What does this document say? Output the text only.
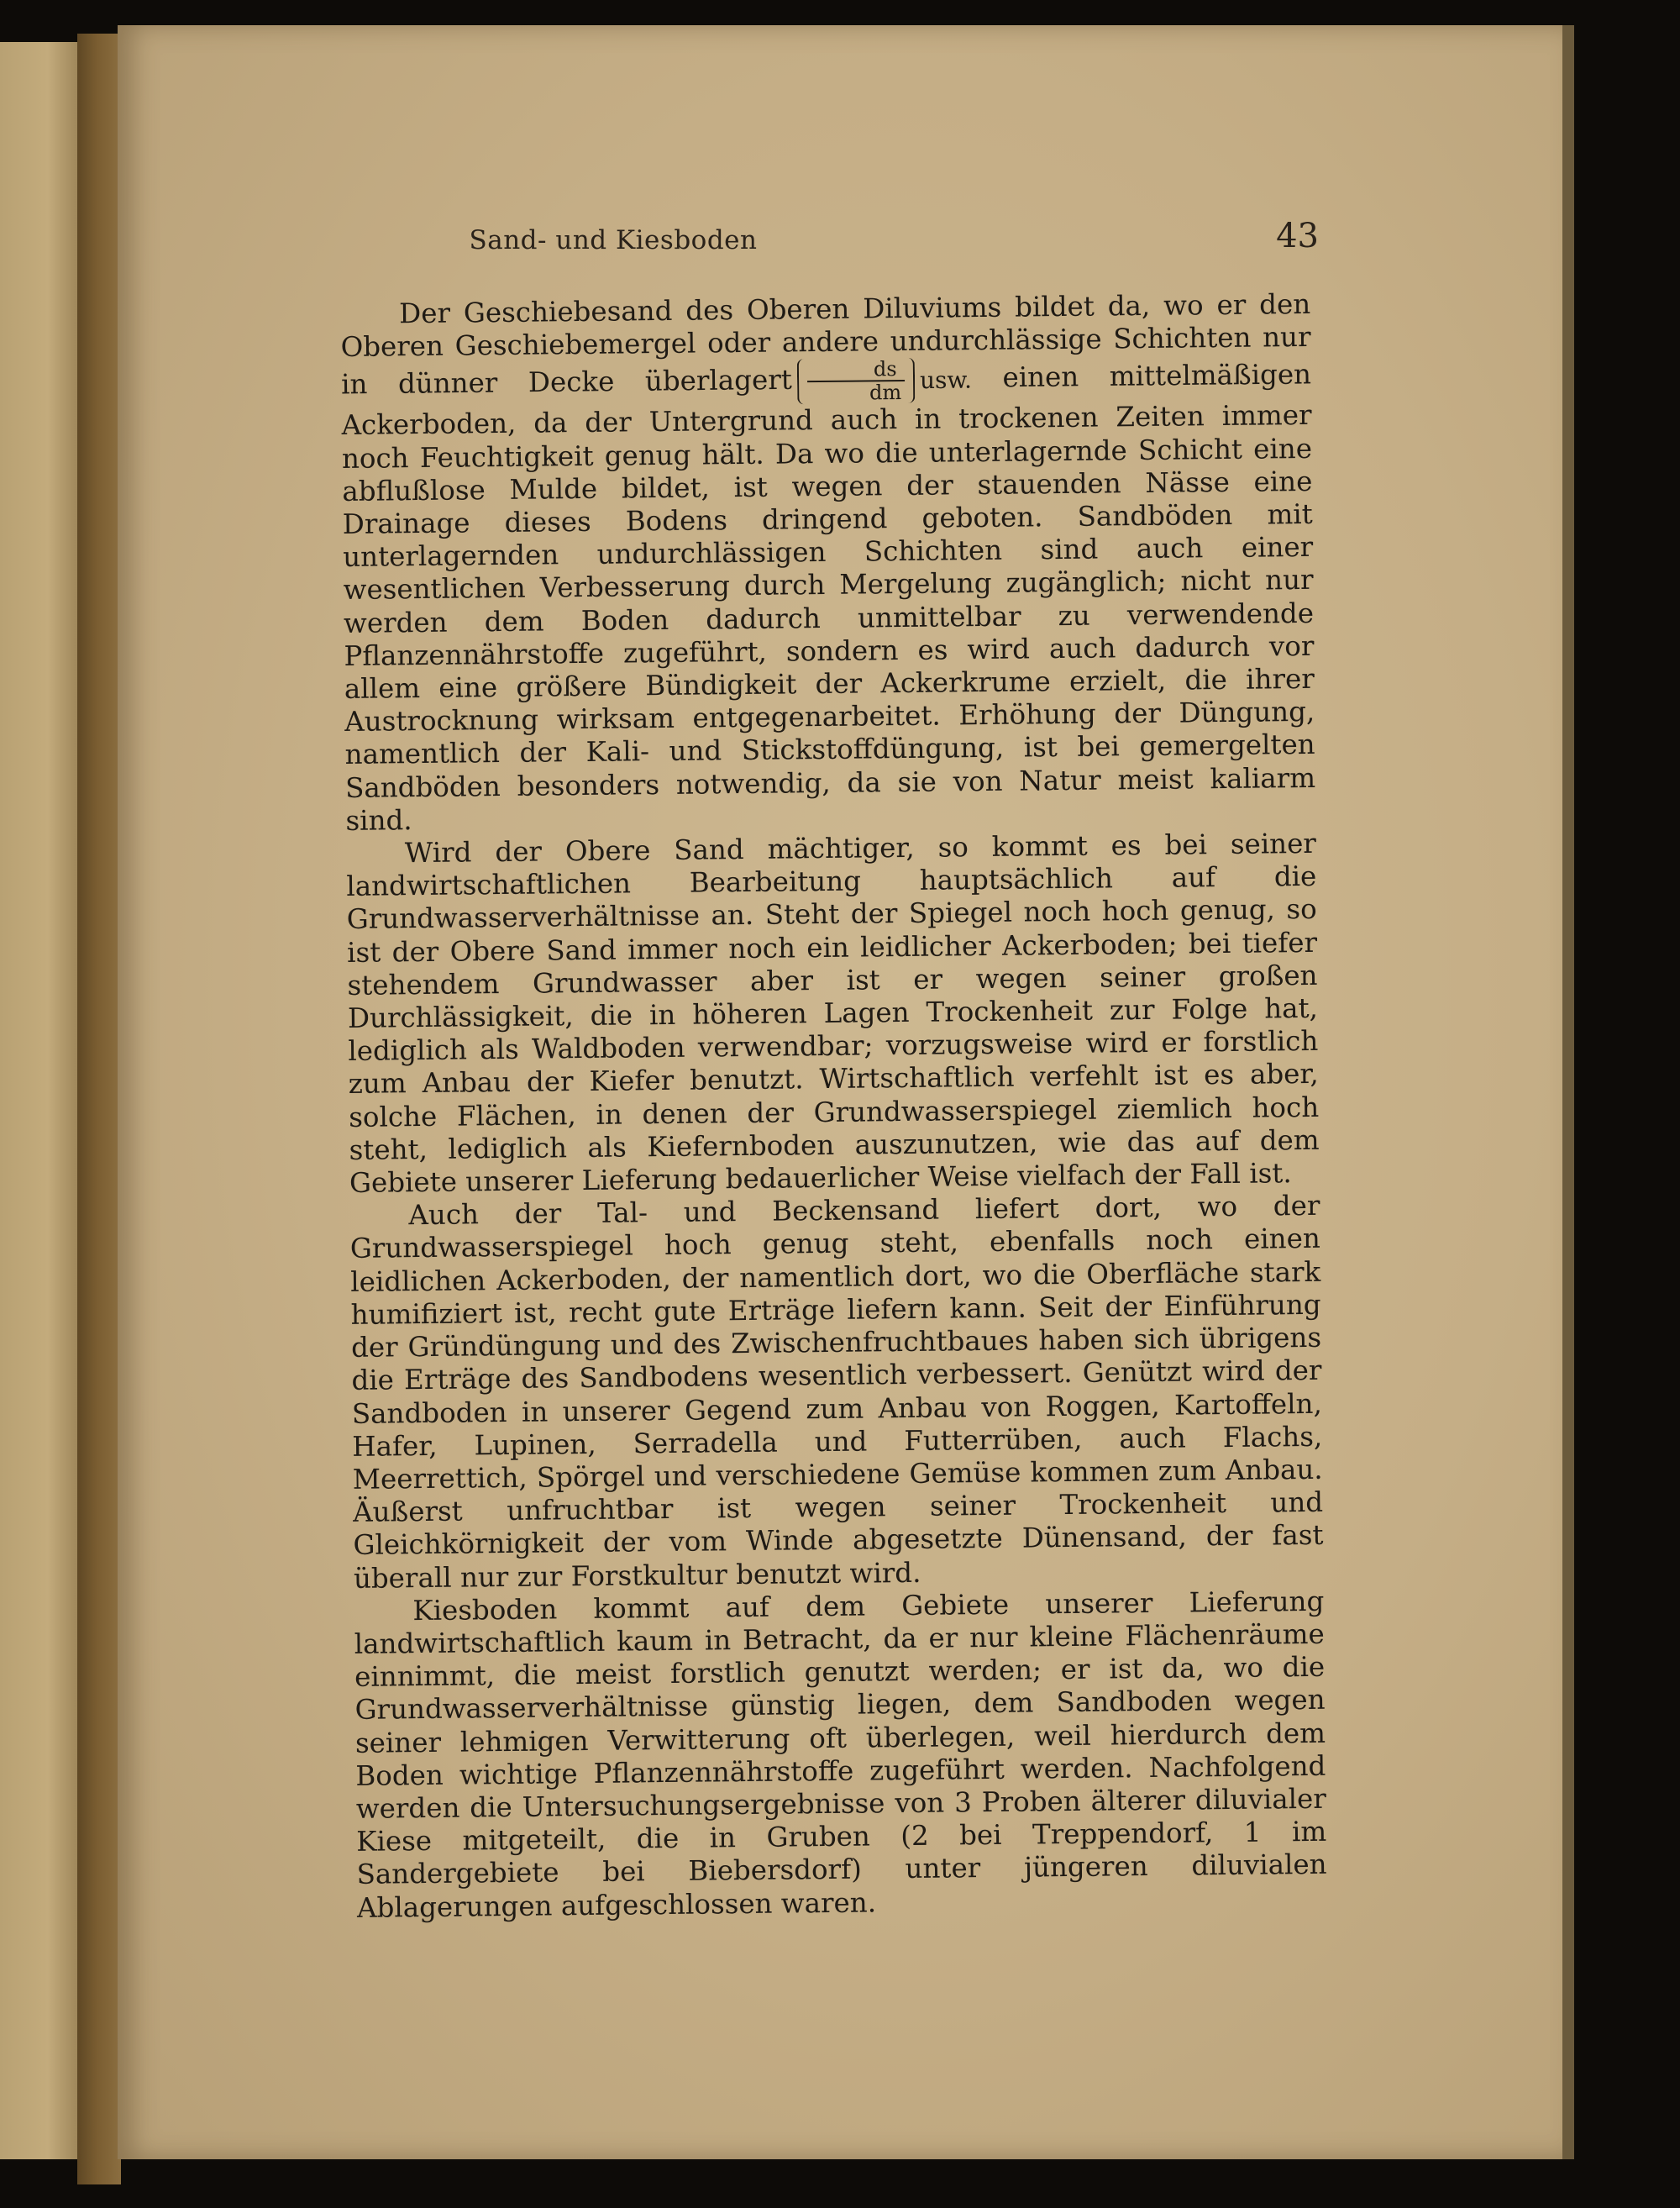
Sand- und Kiesboden	43

Der Geschiebesand des Oberen Diluviums bildet da, wo er den Oberen Geschiebemergel oder andere undurchlässige Schichten nur in dünner Decke überlagert $\frac{ds}{dm}$ usw. einen mittelmäßigen Ackerboden, da der Untergrund auch in trockenen Zeiten immer noch Feuchtigkeit genug hält. Da wo die unterlagernde Schicht eine abflußlose Mulde bildet, ist wegen der stauenden Nässe eine Drainage dieses Bodens dringend geboten. Sandböden mit unterlagernden undurchlässigen Schichten sind auch einer wesentlichen Verbesserung durch Mergelung zugänglich; nicht nur werden dem Boden dadurch unmittelbar zu verwendende Pflanzennährstoffe zugeführt, sondern es wird auch dadurch vor allem eine größere Bündigkeit der Ackerkrume erzielt, die ihrer Austrocknung wirksam entgegenarbeitet. Erhöhung der Düngung, namentlich der Kali- und Stickstoffdüngung, ist bei gemergelten Sandböden besonders notwendig, da sie von Natur meist kaliarm sind.

Wird der Obere Sand mächtiger, so kommt es bei seiner landwirtschaftlichen Bearbeitung hauptsächlich auf die Grundwasserverhältnisse an. Steht der Spiegel noch hoch genug, so ist der Obere Sand immer noch ein leidlicher Ackerboden; bei tiefer stehendem Grundwasser aber ist er wegen seiner großen Durchlässigkeit, die in höheren Lagen Trockenheit zur Folge hat, lediglich als Waldboden verwendbar; vorzugsweise wird er forstlich zum Anbau der Kiefer benutzt. Wirtschaftlich verfehlt ist es aber, solche Flächen, in denen der Grundwasserspiegel ziemlich hoch steht, lediglich als Kiefernboden auszunutzen, wie das auf dem Gebiete unserer Lieferung bedauerlicher Weise vielfach der Fall ist.

Auch der Tal- und Beckensand liefert dort, wo der Grundwasserspiegel hoch genug steht, ebenfalls noch einen leidlichen Ackerboden, der namentlich dort, wo die Oberfläche stark humifiziert ist, recht gute Erträge liefern kann. Seit der Einführung der Gründüngung und des Zwischenfruchtbaues haben sich übrigens die Erträge des Sandbodens wesentlich verbessert. Genützt wird der Sandboden in unserer Gegend zum Anbau von Roggen, Kartoffeln, Hafer, Lupinen, Serradella und Futterrüben, auch Flachs, Meerrettich, Spörgel und verschiedene Gemüse kommen zum Anbau. Äußerst unfruchtbar ist wegen seiner Trockenheit und Gleichkörnigkeit der vom Winde abgesetzte Dünensand, der fast überall nur zur Forstkultur benutzt wird.

Kiesboden kommt auf dem Gebiete unserer Lieferung landwirtschaftlich kaum in Betracht, da er nur kleine Flächenräume einnimmt, die meist forstlich genutzt werden; er ist da, wo die Grundwasserverhältnisse günstig liegen, dem Sandboden wegen seiner lehmigen Verwitterung oft überlegen, weil hierdurch dem Boden wichtige Pflanzennährstoffe zugeführt werden. Nachfolgend werden die Untersuchungsergebnisse von 3 Proben älterer diluvialer Kiese mitgeteilt, die in Gruben (2 bei Treppendorf, 1 im Sandergebiete bei Biebersdorf) unter jüngeren diluvialen Ablagerungen aufgeschlossen waren.
